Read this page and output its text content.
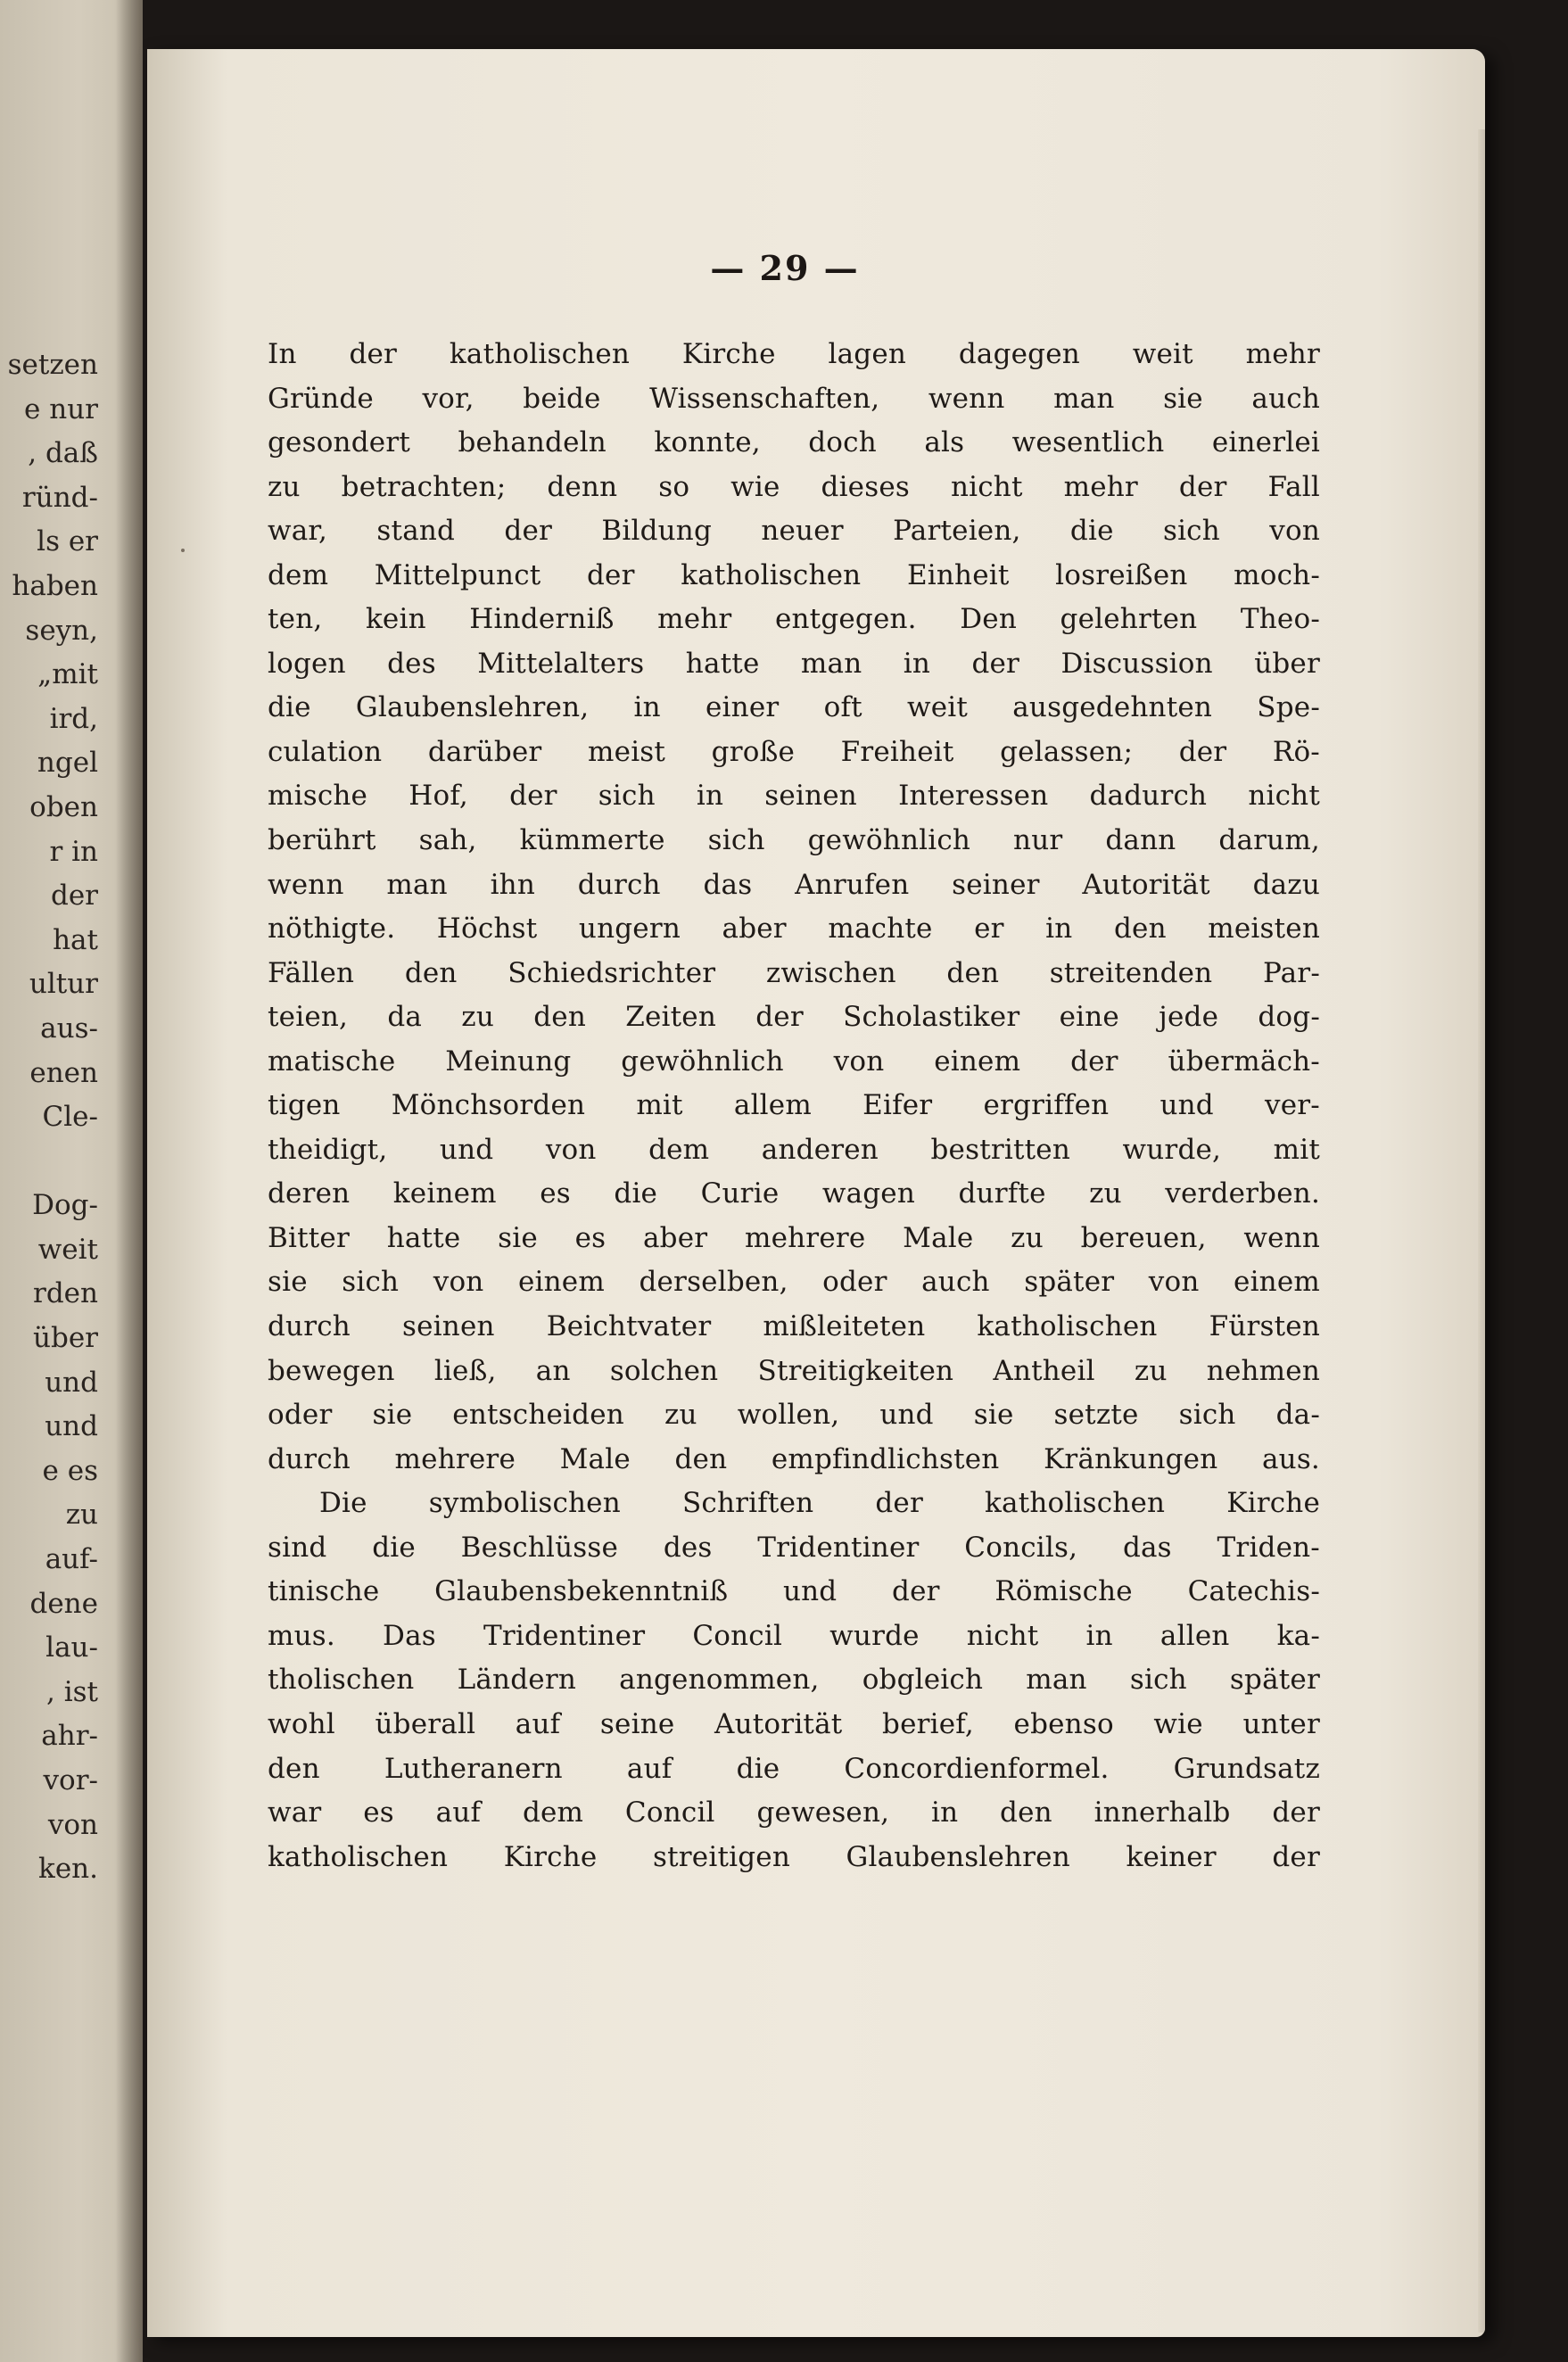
setzen
e nur
, daß
ründ-
ls er
haben
seyn,
„mit
ird,
ngel
oben
r in
der
hat
ultur
aus-
enen
Cle-
Dog-
weit
rden
über
und
und
e es
zu
auf-
dene
lau-
, ist
ahr-
vor-
von
ken.
— 29 —
In der katholischen Kirche lagen dagegen weit mehr
Gründe vor, beide Wissenschaften, wenn man sie auch
gesondert behandeln konnte, doch als wesentlich einerlei
zu betrachten; denn so wie dieses nicht mehr der Fall
war, stand der Bildung neuer Parteien, die sich von
dem Mittelpunct der katholischen Einheit losreißen moch-
ten, kein Hinderniß mehr entgegen. Den gelehrten Theo-
logen des Mittelalters hatte man in der Discussion über
die Glaubenslehren, in einer oft weit ausgedehnten Spe-
culation darüber meist große Freiheit gelassen; der Rö-
mische Hof, der sich in seinen Interessen dadurch nicht
berührt sah, kümmerte sich gewöhnlich nur dann darum,
wenn man ihn durch das Anrufen seiner Autorität dazu
nöthigte. Höchst ungern aber machte er in den meisten
Fällen den Schiedsrichter zwischen den streitenden Par-
teien, da zu den Zeiten der Scholastiker eine jede dog-
matische Meinung gewöhnlich von einem der übermäch-
tigen Mönchsorden mit allem Eifer ergriffen und ver-
theidigt, und von dem anderen bestritten wurde, mit
deren keinem es die Curie wagen durfte zu verderben.
Bitter hatte sie es aber mehrere Male zu bereuen, wenn
sie sich von einem derselben, oder auch später von einem
durch seinen Beichtvater mißleiteten katholischen Fürsten
bewegen ließ, an solchen Streitigkeiten Antheil zu nehmen
oder sie entscheiden zu wollen, und sie setzte sich da-
durch mehrere Male den empfindlichsten Kränkungen aus.
Die symbolischen Schriften der katholischen Kirche
sind die Beschlüsse des Tridentiner Concils, das Triden-
tinische Glaubensbekenntniß und der Römische Catechis-
mus. Das Tridentiner Concil wurde nicht in allen ka-
tholischen Ländern angenommen, obgleich man sich später
wohl überall auf seine Autorität berief, ebenso wie unter
den Lutheranern auf die Concordienformel. Grundsatz
war es auf dem Concil gewesen, in den innerhalb der
katholischen Kirche streitigen Glaubenslehren keiner der
